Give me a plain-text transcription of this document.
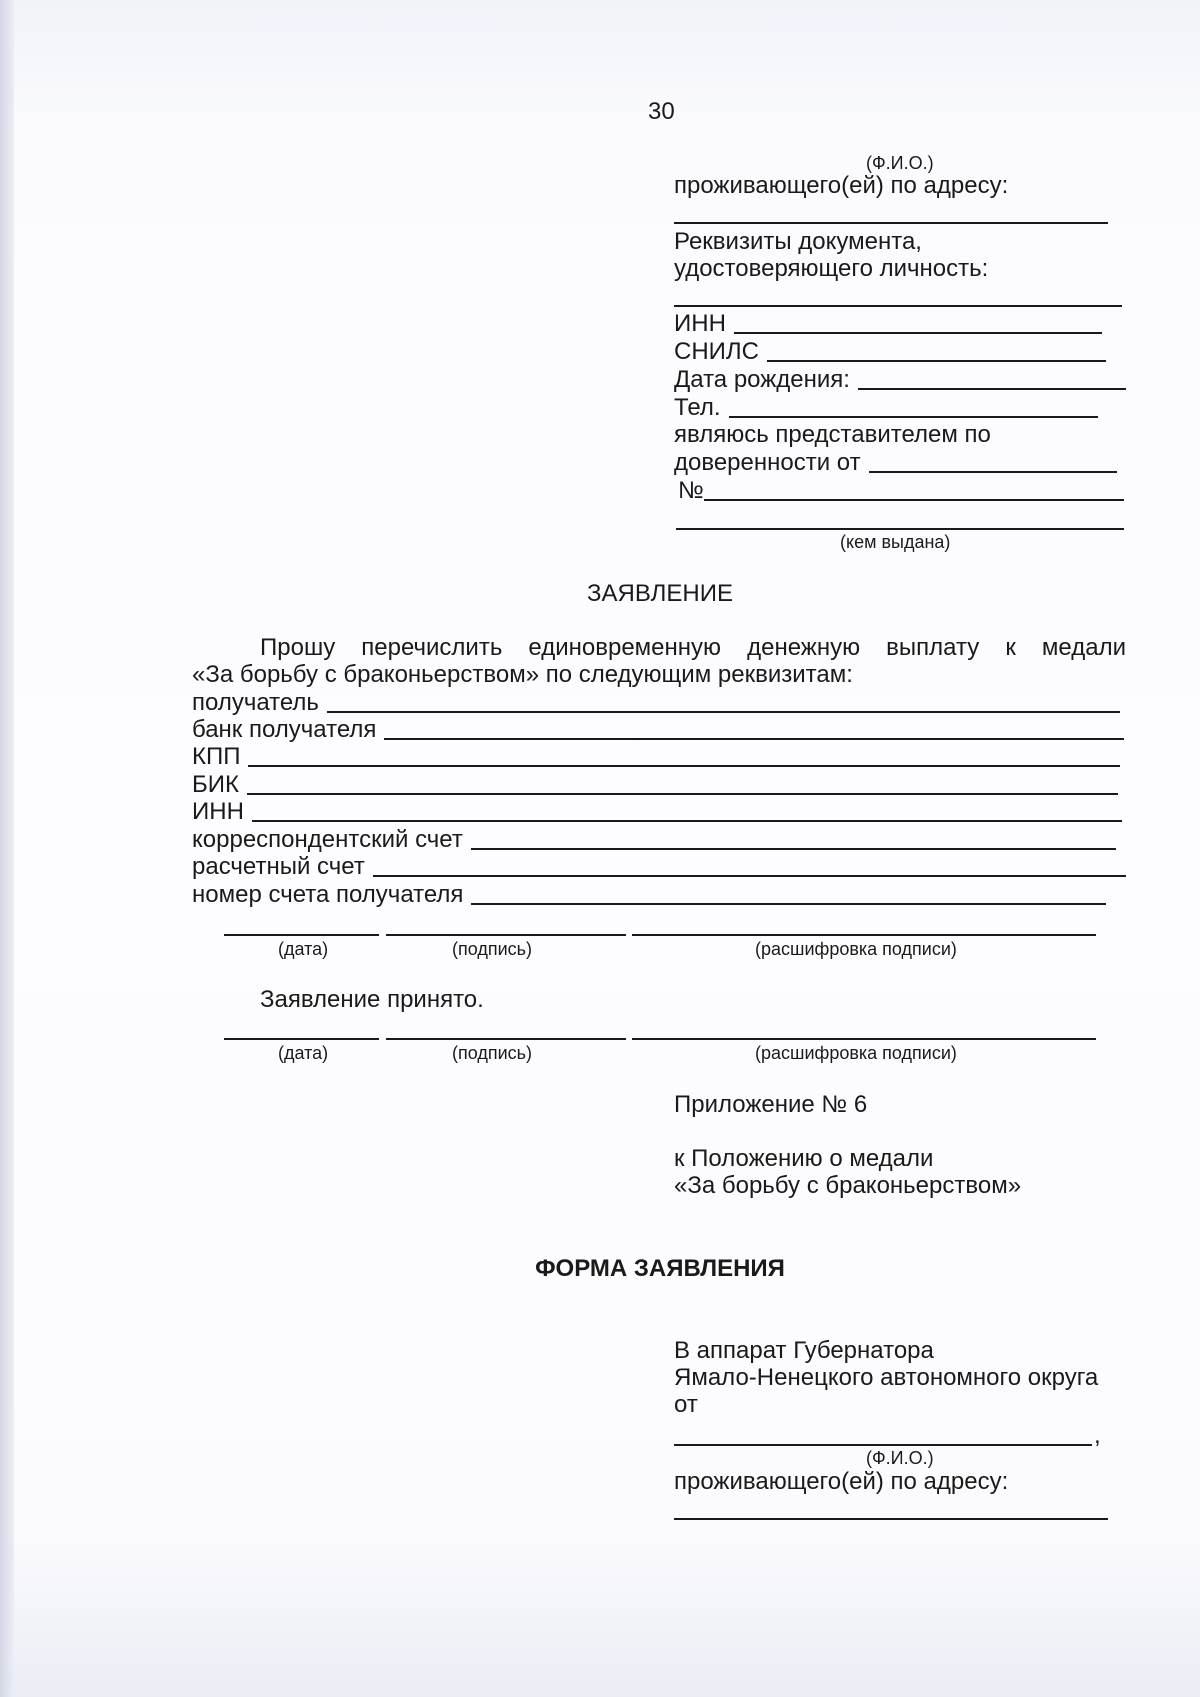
30
(Ф.И.О.)
проживающего(ей) по адресу:
Реквизиты документа,
удостоверяющего личность:
ИНН
СНИЛС
Дата рождения:
Тел.
являюсь представителем по
доверенности от
№
(кем выдана)
ЗАЯВЛЕНИЕ
Прошу перечислить единовременную денежную выплату к медали
«За борьбу с браконьерством» по следующим реквизитам:
получатель
банк получателя
КПП
БИК
ИНН
корреспондентский счет
расчетный счет
номер счета получателя
(дата)	(подпись)	(расшифровка подписи)
Заявление принято.
(дата)	(подпись)	(расшифровка подписи)
Приложение № 6
к Положению о медали
«За борьбу с браконьерством»
ФОРМА ЗАЯВЛЕНИЯ
В аппарат Губернатора
Ямало-Ненецкого автономного округа
от
,
(Ф.И.О.)
проживающего(ей) по адресу:
